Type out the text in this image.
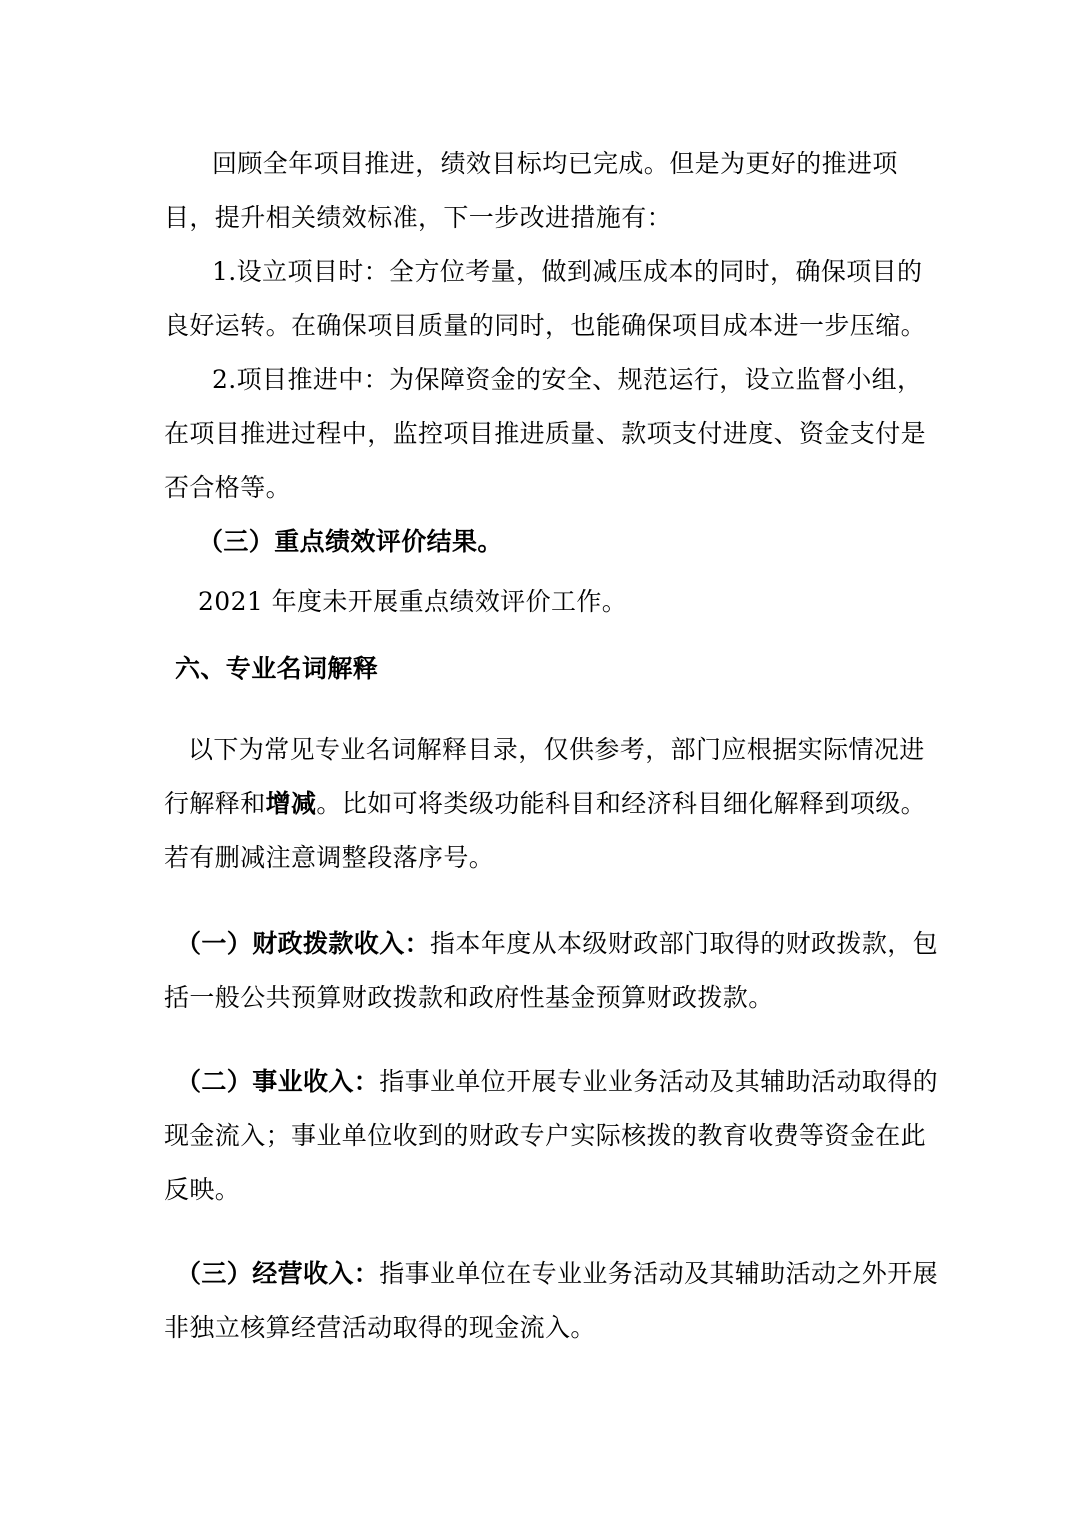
回顾全年项目推进，绩效目标均已完成。但是为更好的推进项
目，提升相关绩效标准，下一步改进措施有：
1.设立项目时：全方位考量，做到减压成本的同时，确保项目的
良好运转。在确保项目质量的同时，也能确保项目成本进一步压缩。
2.项目推进中：为保障资金的安全、规范运行，设立监督小组，
在项目推进过程中，监控项目推进质量、款项支付进度、资金支付是
否合格等。
（三）重点绩效评价结果。
2021 年度未开展重点绩效评价工作。
六、专业名词解释
以下为常见专业名词解释目录，仅供参考，部门应根据实际情况进
行解释和增减。比如可将类级功能科目和经济科目细化解释到项级。
若有删减注意调整段落序号。
（一）财政拨款收入：指本年度从本级财政部门取得的财政拨款，包
括一般公共预算财政拨款和政府性基金预算财政拨款。
（二）事业收入：指事业单位开展专业业务活动及其辅助活动取得的
现金流入；事业单位收到的财政专户实际核拨的教育收费等资金在此
反映。
（三）经营收入：指事业单位在专业业务活动及其辅助活动之外开展
非独立核算经营活动取得的现金流入。
